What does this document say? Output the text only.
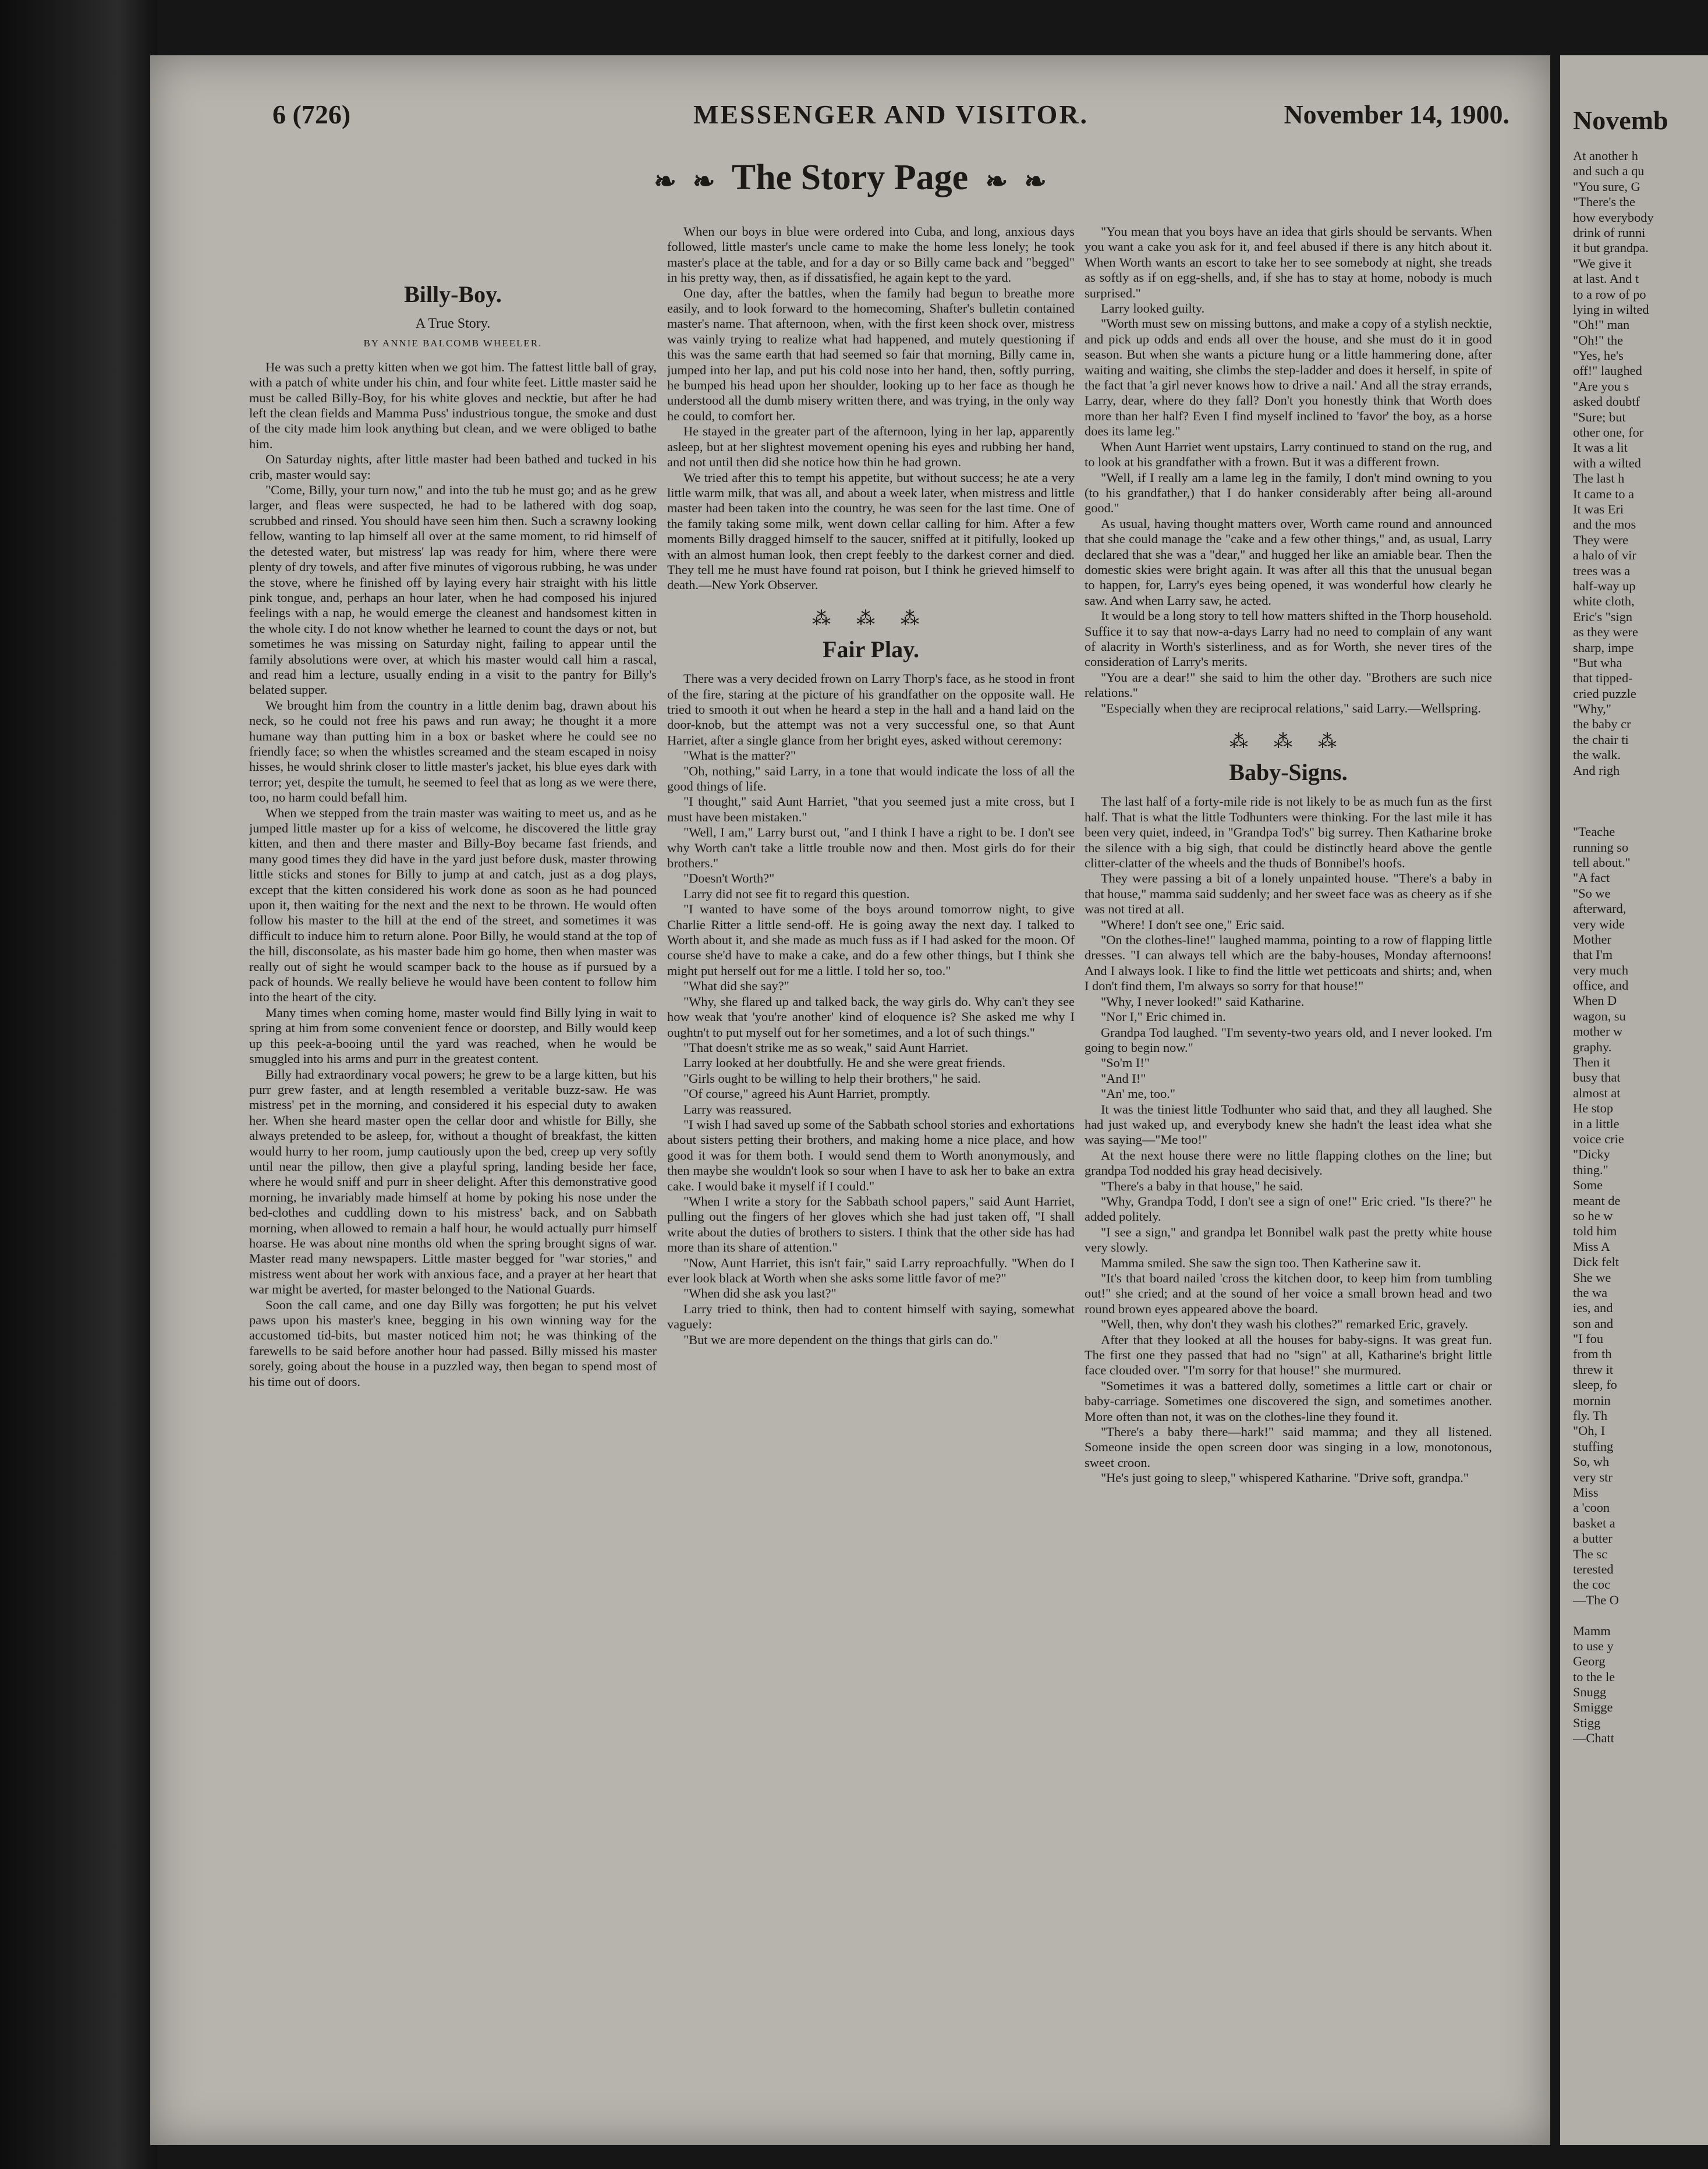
6 (726)	MESSENGER AND VISITOR.	November 14, 1900.
❧ ❧ The Story Page ❧ ❧
Billy-Boy.
A True Story.
BY ANNIE BALCOMB WHEELER.

He was such a pretty kitten when we got him. The fattest little ball of gray, with a patch of white under his chin, and four white feet. Little master said he must be called Billy-Boy, for his white gloves and necktie, but after he had left the clean fields and Mamma Puss' industrious tongue, the smoke and dust of the city made him look anything but clean, and we were obliged to bathe him.

On Saturday nights, after little master had been bathed and tucked in his crib, master would say:

"Come, Billy, your turn now," and into the tub he must go; and as he grew larger, and fleas were suspected, he had to be lathered with dog soap, scrubbed and rinsed. You should have seen him then. Such a scrawny looking fellow, wanting to lap himself all over at the same moment, to rid himself of the detested water, but mistress' lap was ready for him, where there were plenty of dry towels, and after five minutes of vigorous rubbing, he was under the stove, where he finished off by laying every hair straight with his little pink tongue, and, perhaps an hour later, when he had composed his injured feelings with a nap, he would emerge the cleanest and handsomest kitten in the whole city. I do not know whether he learned to count the days or not, but sometimes he was missing on Saturday night, failing to appear until the family absolutions were over, at which his master would call him a rascal, and read him a lecture, usually ending in a visit to the pantry for Billy's belated supper.

We brought him from the country in a little denim bag, drawn about his neck, so he could not free his paws and run away; he thought it a more humane way than putting him in a box or basket where he could see no friendly face; so when the whistles screamed and the steam escaped in noisy hisses, he would shrink closer to little master's jacket, his blue eyes dark with terror; yet, despite the tumult, he seemed to feel that as long as we were there, too, no harm could befall him.

When we stepped from the train master was waiting to meet us, and as he jumped little master up for a kiss of welcome, he discovered the little gray kitten, and then and there master and Billy-Boy became fast friends, and many good times they did have in the yard just before dusk, master throwing little sticks and stones for Billy to jump at and catch, just as a dog plays, except that the kitten considered his work done as soon as he had pounced upon it, then waiting for the next and the next to be thrown. He would often follow his master to the hill at the end of the street, and sometimes it was difficult to induce him to return alone. Poor Billy, he would stand at the top of the hill, disconsolate, as his master bade him go home, then when master was really out of sight he would scamper back to the house as if pursued by a pack of hounds. We really believe he would have been content to follow him into the heart of the city.

Many times when coming home, master would find Billy lying in wait to spring at him from some convenient fence or doorstep, and Billy would keep up this peek-a-booing until the yard was reached, when he would be smuggled into his arms and purr in the greatest content.

Billy had extraordinary vocal powers; he grew to be a large kitten, but his purr grew faster, and at length resembled a veritable buzz-saw. He was mistress' pet in the morning, and considered it his especial duty to awaken her. When she heard master open the cellar door and whistle for Billy, she always pretended to be asleep, for, without a thought of breakfast, the kitten would hurry to her room, jump cautiously upon the bed, creep up very softly until near the pillow, then give a playful spring, landing beside her face, where he would sniff and purr in sheer delight. After this demonstrative good morning, he invariably made himself at home by poking his nose under the bed-clothes and cuddling down to his mistress' back, and on Sabbath morning, when allowed to remain a half hour, he would actually purr himself hoarse. He was about nine months old when the spring brought signs of war. Master read many newspapers. Little master begged for "war stories," and mistress went about her work with anxious face, and a prayer at her heart that war might be averted, for master belonged to the National Guards.

Soon the call came, and one day Billy was forgotten; he put his velvet paws upon his master's knee, begging in his own winning way for the accustomed tid-bits, but master noticed him not; he was thinking of the farewells to be said before another hour had passed. Billy missed his master sorely, going about the house in a puzzled way, then began to spend most of his time out of doors.

When our boys in blue were ordered into Cuba, and long, anxious days followed, little master's uncle came to make the home less lonely; he took master's place at the table, and for a day or so Billy came back and "begged" in his pretty way, then, as if dissatisfied, he again kept to the yard.

One day, after the battles, when the family had begun to breathe more easily, and to look forward to the homecoming, Shafter's bulletin contained master's name. That afternoon, when, with the first keen shock over, mistress was vainly trying to realize what had happened, and mutely questioning if this was the same earth that had seemed so fair that morning, Billy came in, jumped into her lap, and put his cold nose into her hand, then, softly purring, he bumped his head upon her shoulder, looking up to her face as though he understood all the dumb misery written there, and was trying, in the only way he could, to comfort her.

He stayed in the greater part of the afternoon, lying in her lap, apparently asleep, but at her slightest movement opening his eyes and rubbing her hand, and not until then did she notice how thin he had grown.

We tried after this to tempt his appetite, but without success; he ate a very little warm milk, that was all, and about a week later, when mistress and little master had been taken into the country, he was seen for the last time. One of the family taking some milk, went down cellar calling for him. After a few moments Billy dragged himself to the saucer, sniffed at it pitifully, looked up with an almost human look, then crept feebly to the darkest corner and died. They tell me he must have found rat poison, but I think he grieved himself to death.—New York Observer.

⁂ ⁂ ⁂
Fair Play.

There was a very decided frown on Larry Thorp's face, as he stood in front of the fire, staring at the picture of his grandfather on the opposite wall. He tried to smooth it out when he heard a step in the hall and a hand laid on the door-knob, but the attempt was not a very successful one, so that Aunt Harriet, after a single glance from her bright eyes, asked without ceremony:

"What is the matter?"

"Oh, nothing," said Larry, in a tone that would indicate the loss of all the good things of life.

"I thought," said Aunt Harriet, "that you seemed just a mite cross, but I must have been mistaken."

"Well, I am," Larry burst out, "and I think I have a right to be. I don't see why Worth can't take a little trouble now and then. Most girls do for their brothers."

"Doesn't Worth?"

Larry did not see fit to regard this question.

"I wanted to have some of the boys around tomorrow night, to give Charlie Ritter a little send-off. He is going away the next day. I talked to Worth about it, and she made as much fuss as if I had asked for the moon. Of course she'd have to make a cake, and do a few other things, but I think she might put herself out for me a little. I told her so, too."

"What did she say?"

"Why, she flared up and talked back, the way girls do. Why can't they see how weak that 'you're another' kind of eloquence is? She asked me why I oughtn't to put myself out for her sometimes, and a lot of such things."

"That doesn't strike me as so weak," said Aunt Harriet.

Larry looked at her doubtfully. He and she were great friends.

"Girls ought to be willing to help their brothers," he said.

"Of course," agreed his Aunt Harriet, promptly.

Larry was reassured.

"I wish I had saved up some of the Sabbath school stories and exhortations about sisters petting their brothers, and making home a nice place, and how good it was for them both. I would send them to Worth anonymously, and then maybe she wouldn't look so sour when I have to ask her to bake an extra cake. I would bake it myself if I could."

"When I write a story for the Sabbath school papers," said Aunt Harriet, pulling out the fingers of her gloves which she had just taken off, "I shall write about the duties of brothers to sisters. I think that the other side has had more than its share of attention."

"Now, Aunt Harriet, this isn't fair," said Larry reproachfully. "When do I ever look black at Worth when she asks some little favor of me?"

"When did she ask you last?"

Larry tried to think, then had to content himself with saying, somewhat vaguely:

"But we are more dependent on the things that girls can do."

"You mean that you boys have an idea that girls should be servants. When you want a cake you ask for it, and feel abused if there is any hitch about it. When Worth wants an escort to take her to see somebody at night, she treads as softly as if on egg-shells, and, if she has to stay at home, nobody is much surprised."

Larry looked guilty.

"Worth must sew on missing buttons, and make a copy of a stylish necktie, and pick up odds and ends all over the house, and she must do it in good season. But when she wants a picture hung or a little hammering done, after waiting and waiting, she climbs the step-ladder and does it herself, in spite of the fact that 'a girl never knows how to drive a nail.' And all the stray errands, Larry, dear, where do they fall? Don't you honestly think that Worth does more than her half? Even I find myself inclined to 'favor' the boy, as a horse does its lame leg."

When Aunt Harriet went upstairs, Larry continued to stand on the rug, and to look at his grandfather with a frown. But it was a different frown.

"Well, if I really am a lame leg in the family, I don't mind owning to you (to his grandfather,) that I do hanker considerably after being all-around good."

As usual, having thought matters over, Worth came round and announced that she could manage the "cake and a few other things," and, as usual, Larry declared that she was a "dear," and hugged her like an amiable bear. Then the domestic skies were bright again. It was after all this that the unusual began to happen, for, Larry's eyes being opened, it was wonderful how clearly he saw. And when Larry saw, he acted.

It would be a long story to tell how matters shifted in the Thorp household. Suffice it to say that now-a-days Larry had no need to complain of any want of alacrity in Worth's sisterliness, and as for Worth, she never tires of the consideration of Larry's merits.

"You are a dear!" she said to him the other day. "Brothers are such nice relations."

"Especially when they are reciprocal relations," said Larry.—Wellspring.

⁂ ⁂ ⁂
Baby-Signs.

The last half of a forty-mile ride is not likely to be as much fun as the first half. That is what the little Todhunters were thinking. For the last mile it has been very quiet, indeed, in "Grandpa Tod's" big surrey. Then Katharine broke the silence with a big sigh, that could be distinctly heard above the gentle clitter-clatter of the wheels and the thuds of Bonnibel's hoofs.

They were passing a bit of a lonely unpainted house. "There's a baby in that house," mamma said suddenly; and her sweet face was as cheery as if she was not tired at all.

"Where! I don't see one," Eric said.

"On the clothes-line!" laughed mamma, pointing to a row of flapping little dresses. "I can always tell which are the baby-houses, Monday afternoons! And I always look. I like to find the little wet petticoats and shirts; and, when I don't find them, I'm always so sorry for that house!"

"Why, I never looked!" said Katharine.

"Nor I," Eric chimed in.

Grandpa Tod laughed. "I'm seventy-two years old, and I never looked. I'm going to begin now."

"So'm I!"

"And I!"

"An' me, too."

It was the tiniest little Todhunter who said that, and they all laughed. She had just waked up, and everybody knew she hadn't the least idea what she was saying—"Me too!"

At the next house there were no little flapping clothes on the line; but grandpa Tod nodded his gray head decisively.

"There's a baby in that house," he said.

"Why, Grandpa Todd, I don't see a sign of one!" Eric cried. "Is there?" he added politely.

"I see a sign," and grandpa let Bonnibel walk past the pretty white house very slowly.

Mamma smiled. She saw the sign too. Then Katherine saw it.

"It's that board nailed 'cross the kitchen door, to keep him from tumbling out!" she cried; and at the sound of her voice a small brown head and two round brown eyes appeared above the board.

"Well, then, why don't they wash his clothes?" remarked Eric, gravely.

After that they looked at all the houses for baby-signs. It was great fun. The first one they passed that had no "sign" at all, Katharine's bright little face clouded over. "I'm sorry for that house!" she murmured.

"Sometimes it was a battered dolly, sometimes a little cart or chair or baby-carriage. Sometimes one discovered the sign, and sometimes another. More often than not, it was on the clothes-line they found it.

"There's a baby there—hark!" said mamma; and they all listened. Someone inside the open screen door was singing in a low, monotonous, sweet croon.

"He's just going to sleep," whispered Katharine. "Drive soft, grandpa."

Novemb
At another h
and such a qu
"You sure, G
"There's the
how everybody
drink of runni
it but grandpa.
"We give it
at last. And t
to a row of po
lying in wilted
"Oh!" man
"Oh!" the
"Yes, he's
off!" laughed
"Are you s
asked doubtf
"Sure; but
other one, for
It was a lit
with a wilted
The last h
It came to a
It was Eri
and the mos
They were
a halo of vir
trees was a
half-way up
white cloth,
Eric's "sign
as they were
sharp, impe
"But wha
that tipped-
cried puzzle
"Why,"
the baby cr
the chair ti
the walk.
And righ
"Teache
running so
tell about."
"A fact
"So we
afterward,
very wide
Mother
that I'm
very much
office, and
When D
wagon, su
mother w
graphy.
Then it
busy that
almost at
He stop
in a little
voice crie
"Dicky
thing."
Some
meant de
so he w
told him
Miss A
Dick felt
She we
the wa
ies, and
son and
"I fou
from th
threw it
sleep, fo
mornin
fly. Th
"Oh, I
stuffing
So, wh
very str
Miss
a 'coon
basket a
a butter
The sc
terested
the coc
—The O
Mamm
to use y
Georg
to the le
Snugg
Smigge
Stigg
—Chatt
